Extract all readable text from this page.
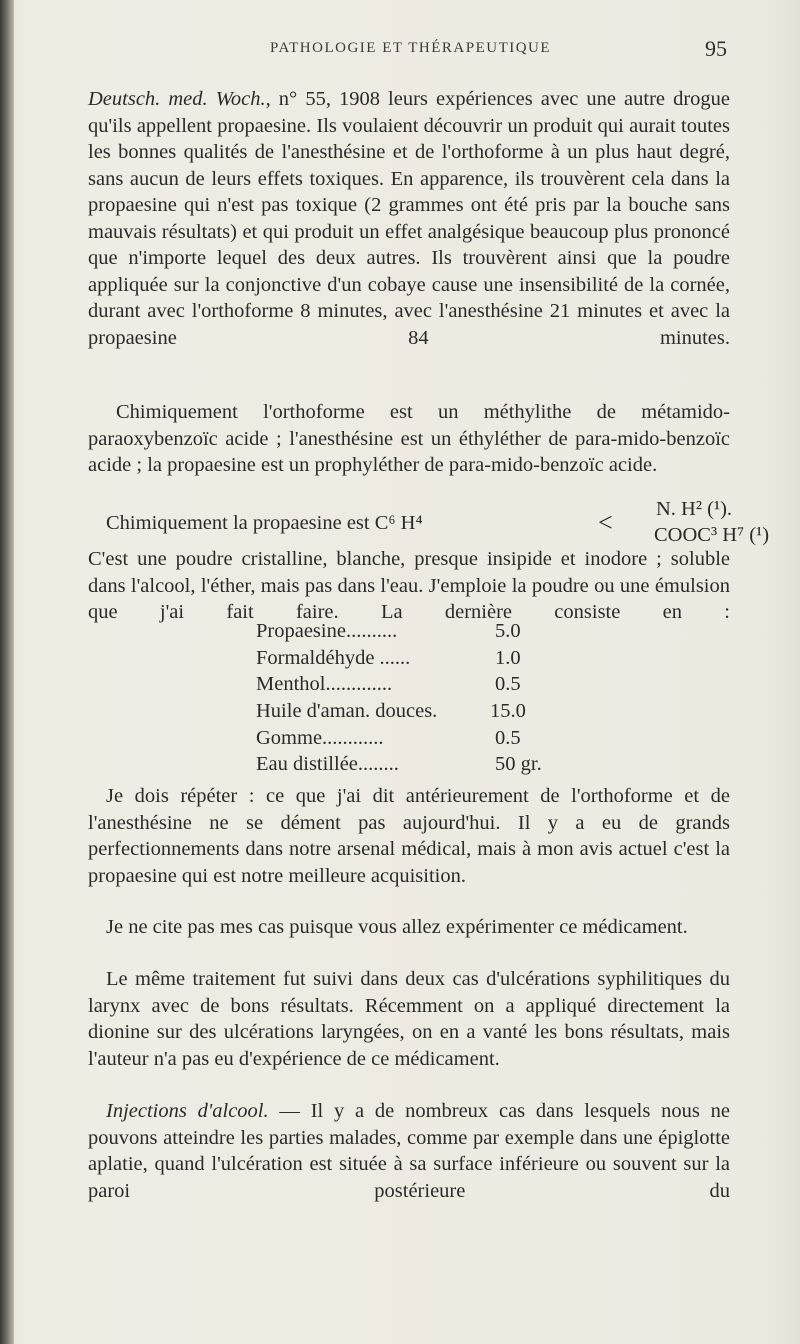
PATHOLOGIE ET THÉRAPEUTIQUE	95
Deutsch. med. Woch., n° 55, 1908 leurs expériences avec une autre drogue qu'ils appellent propaesine. Ils voulaient découvrir un produit qui aurait toutes les bonnes qualités de l'anesthésine et de l'orthoforme à un plus haut degré, sans aucun de leurs effets toxiques. En apparence, ils trouvèrent cela dans la propaesine qui n'est pas toxique (2 grammes ont été pris par la bouche sans mauvais résultats) et qui produit un effet analgésique beaucoup plus prononcé que n'importe lequel des deux autres. Ils trouvèrent ainsi que la poudre appliquée sur la conjonctive d'un cobaye cause une insensibilité de la cornée, durant avec l'orthoforme 8 minutes, avec l'anesthésine 21 minutes et avec la propaesine 84 minutes.
Chimiquement l'orthoforme est un méthylithe de métamido-paraoxybenzoïc acide ; l'anesthésine est un éthyléther de para-mido-benzoïc acide ; la propaesine est un prophyléther de para-mido-benzoïc acide.
Chimiquement la propaesine est C⁶ H⁴	< N. H² (¹).
COOC³ H⁷ (¹)
C'est une poudre cristalline, blanche, presque insipide et inodore ; soluble dans l'alcool, l'éther, mais pas dans l'eau. J'emploie la poudre ou une émulsion que j'ai fait faire. La dernière consiste en :
Propaesine..........	5.0
Formaldéhyde ......	1.0
Menthol.............	0.5
Huile d'aman. douces.	15.0
Gomme............	0.5
Eau distillée........	50 gr.
Je dois répéter : ce que j'ai dit antérieurement de l'orthoforme et de l'anesthésine ne se dément pas aujourd'hui. Il y a eu de grands perfectionnements dans notre arsenal médical, mais à mon avis actuel c'est la propaesine qui est notre meilleure acquisition.
Je ne cite pas mes cas puisque vous allez expérimenter ce médicament.
Le même traitement fut suivi dans deux cas d'ulcérations syphilitiques du larynx avec de bons résultats. Récemment on a appliqué directement la dionine sur des ulcérations laryngées, on en a vanté les bons résultats, mais l'auteur n'a pas eu d'expérience de ce médicament.
Injections d'alcool. — Il y a de nombreux cas dans lesquels nous ne pouvons atteindre les parties malades, comme par exemple dans une épiglotte aplatie, quand l'ulcération est située à sa surface inférieure ou souvent sur la paroi postérieure du
